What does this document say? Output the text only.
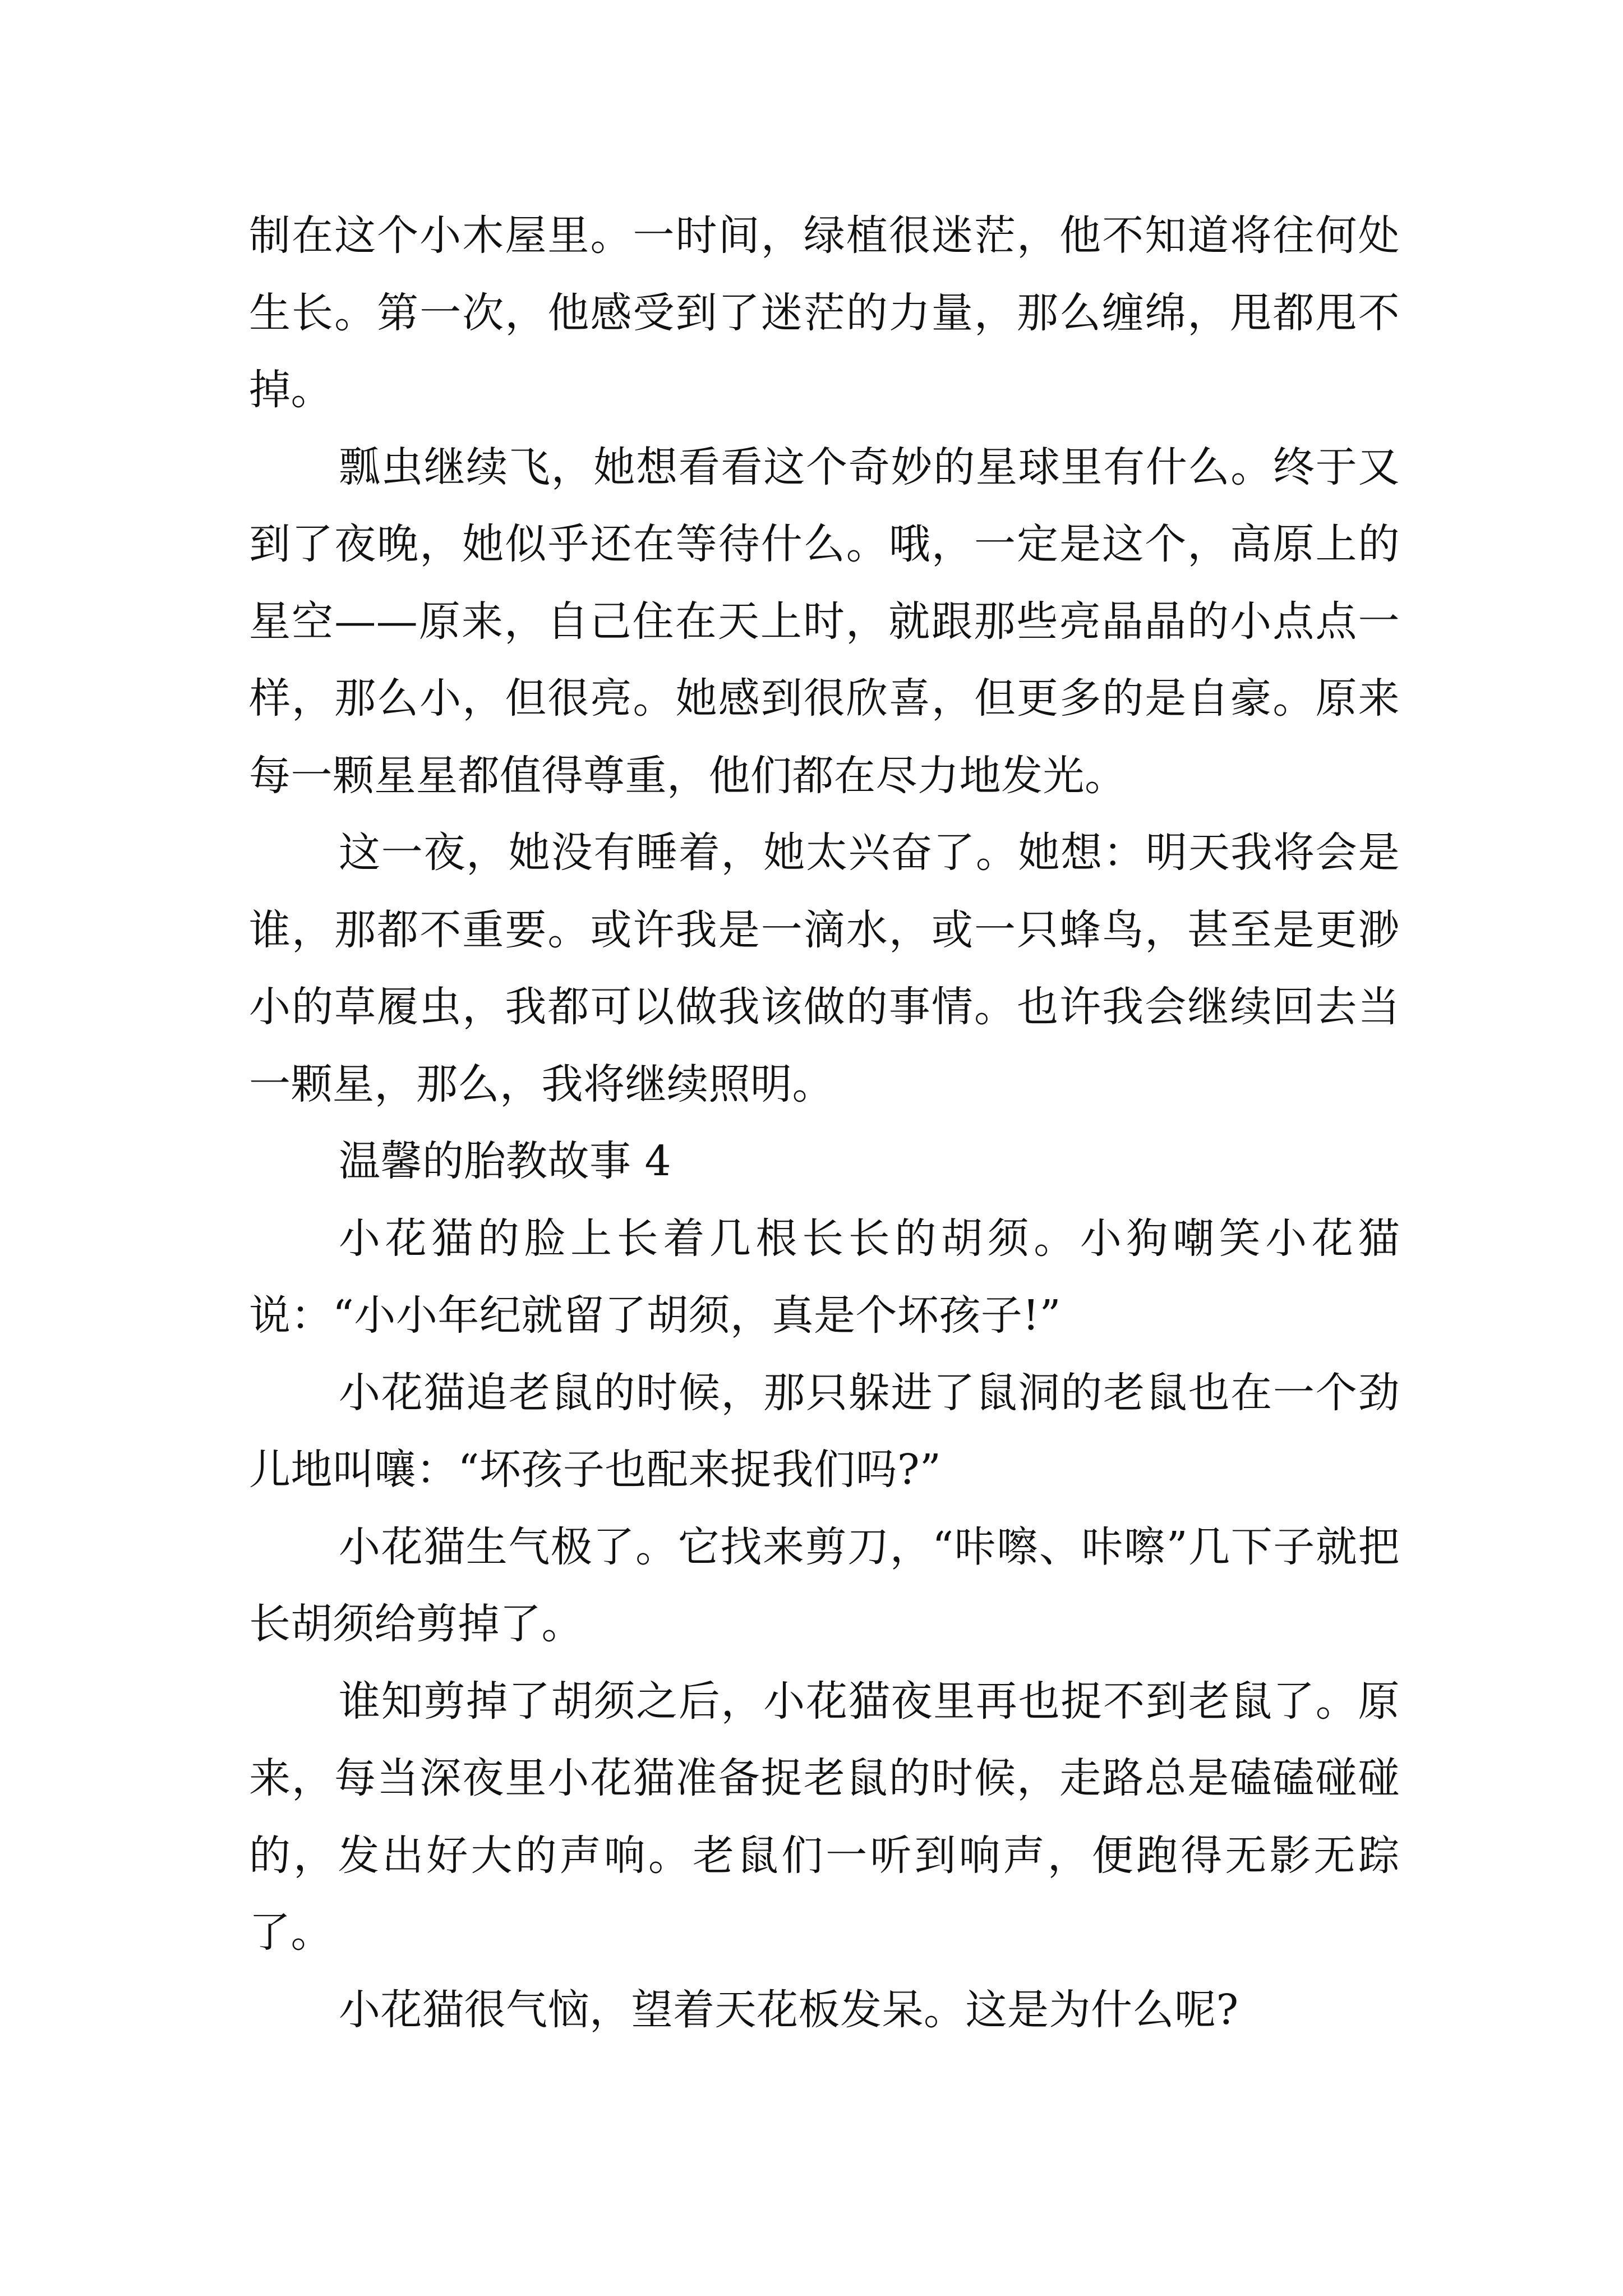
制在这个小木屋里。一时间，绿植很迷茫，他不知道将往何处生长。第一次，他感受到了迷茫的力量，那么缠绵，甩都甩不掉。

瓢虫继续飞，她想看看这个奇妙的星球里有什么。终于又到了夜晚，她似乎还在等待什么。哦，一定是这个，高原上的星空——原来，自己住在天上时，就跟那些亮晶晶的小点点一样，那么小，但很亮。她感到很欣喜，但更多的是自豪。原来每一颗星星都值得尊重，他们都在尽力地发光。

这一夜，她没有睡着，她太兴奋了。她想：明天我将会是谁，那都不重要。或许我是一滴水，或一只蜂鸟，甚至是更渺小的草履虫，我都可以做我该做的事情。也许我会继续回去当一颗星，那么，我将继续照明。

温馨的胎教故事 4

小花猫的脸上长着几根长长的胡须。小狗嘲笑小花猫说：“小小年纪就留了胡须，真是个坏孩子!”

小花猫追老鼠的时候，那只躲进了鼠洞的老鼠也在一个劲儿地叫嚷：“坏孩子也配来捉我们吗?”

小花猫生气极了。它找来剪刀，“咔嚓、咔嚓”几下子就把长胡须给剪掉了。

谁知剪掉了胡须之后，小花猫夜里再也捉不到老鼠了。原来，每当深夜里小花猫准备捉老鼠的时候，走路总是磕磕碰碰的，发出好大的声响。老鼠们一听到响声，便跑得无影无踪了。

小花猫很气恼，望着天花板发呆。这是为什么呢?
